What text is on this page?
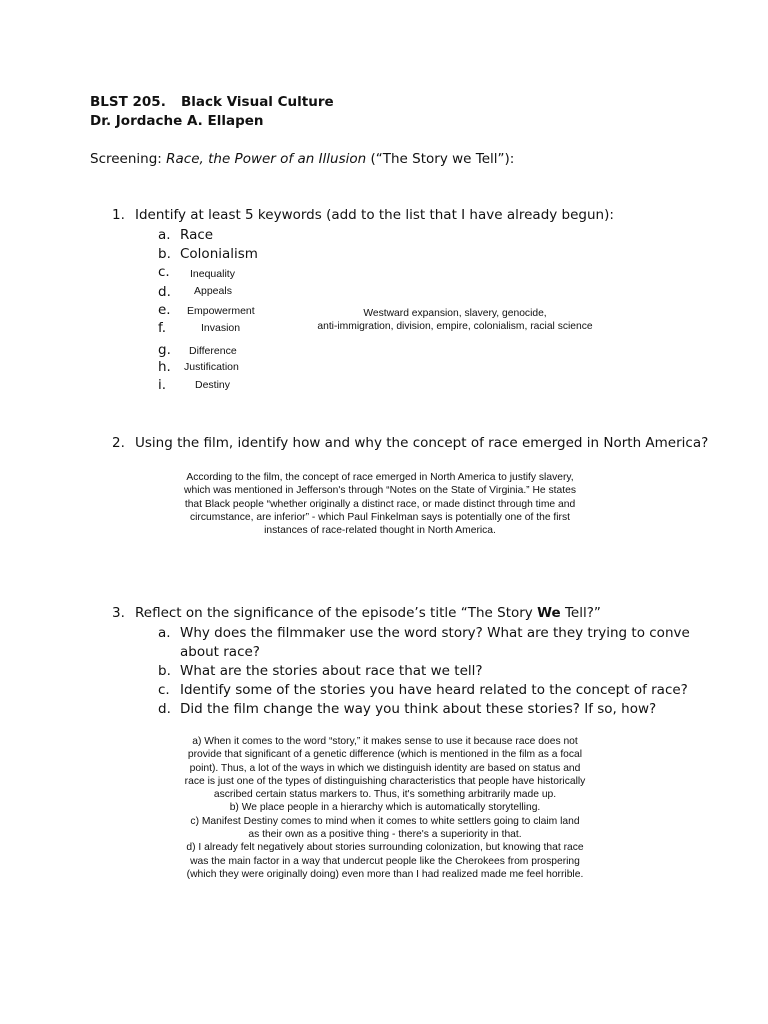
BLST 205. Black Visual Culture
Dr. Jordache A. Ellapen
Screening: Race, the Power of an Illusion (“The Story we Tell”):
1. Identify at least 5 keywords (add to the list that I have already begun):
a. Race
b. Colonialism
c. Inequality
d. Appeals
e. Empowerment
f.	Invasion
g. Difference
h. Justification
i.	Destiny
Westward expansion, slavery, genocide,
anti-immigration, division, empire, colonialism, racial science
2. Using the film, identify how and why the concept of race emerged in North America?
According to the film, the concept of race emerged in North America to justify slavery,
which was mentioned in Jefferson's through “Notes on the State of Virginia.” He states
that Black people “whether originally a distinct race, or made distinct through time and
circumstance, are inferior” - which Paul Finkelman says is potentially one of the first
instances of race-related thought in North America.
3. Reflect on the significance of the episode’s title “The Story We Tell?”
a. Why does the filmmaker use the word story? What are they trying to conve
about race?
b. What are the stories about race that we tell?
c. Identify some of the stories you have heard related to the concept of race?
d. Did the film change the way you think about these stories? If so, how?
a) When it comes to the word “story,” it makes sense to use it because race does not
provide that significant of a genetic difference (which is mentioned in the film as a focal
point). Thus, a lot of the ways in which we distinguish identity are based on status and
race is just one of the types of distinguishing characteristics that people have historically
ascribed certain status markers to. Thus, it's something arbitrarily made up.
b) We place people in a hierarchy which is automatically storytelling.
c) Manifest Destiny comes to mind when it comes to white settlers going to claim land
as their own as a positive thing - there's a superiority in that.
d) I already felt negatively about stories surrounding colonization, but knowing that race
was the main factor in a way that undercut people like the Cherokees from prospering
(which they were originally doing) even more than I had realized made me feel horrible.
